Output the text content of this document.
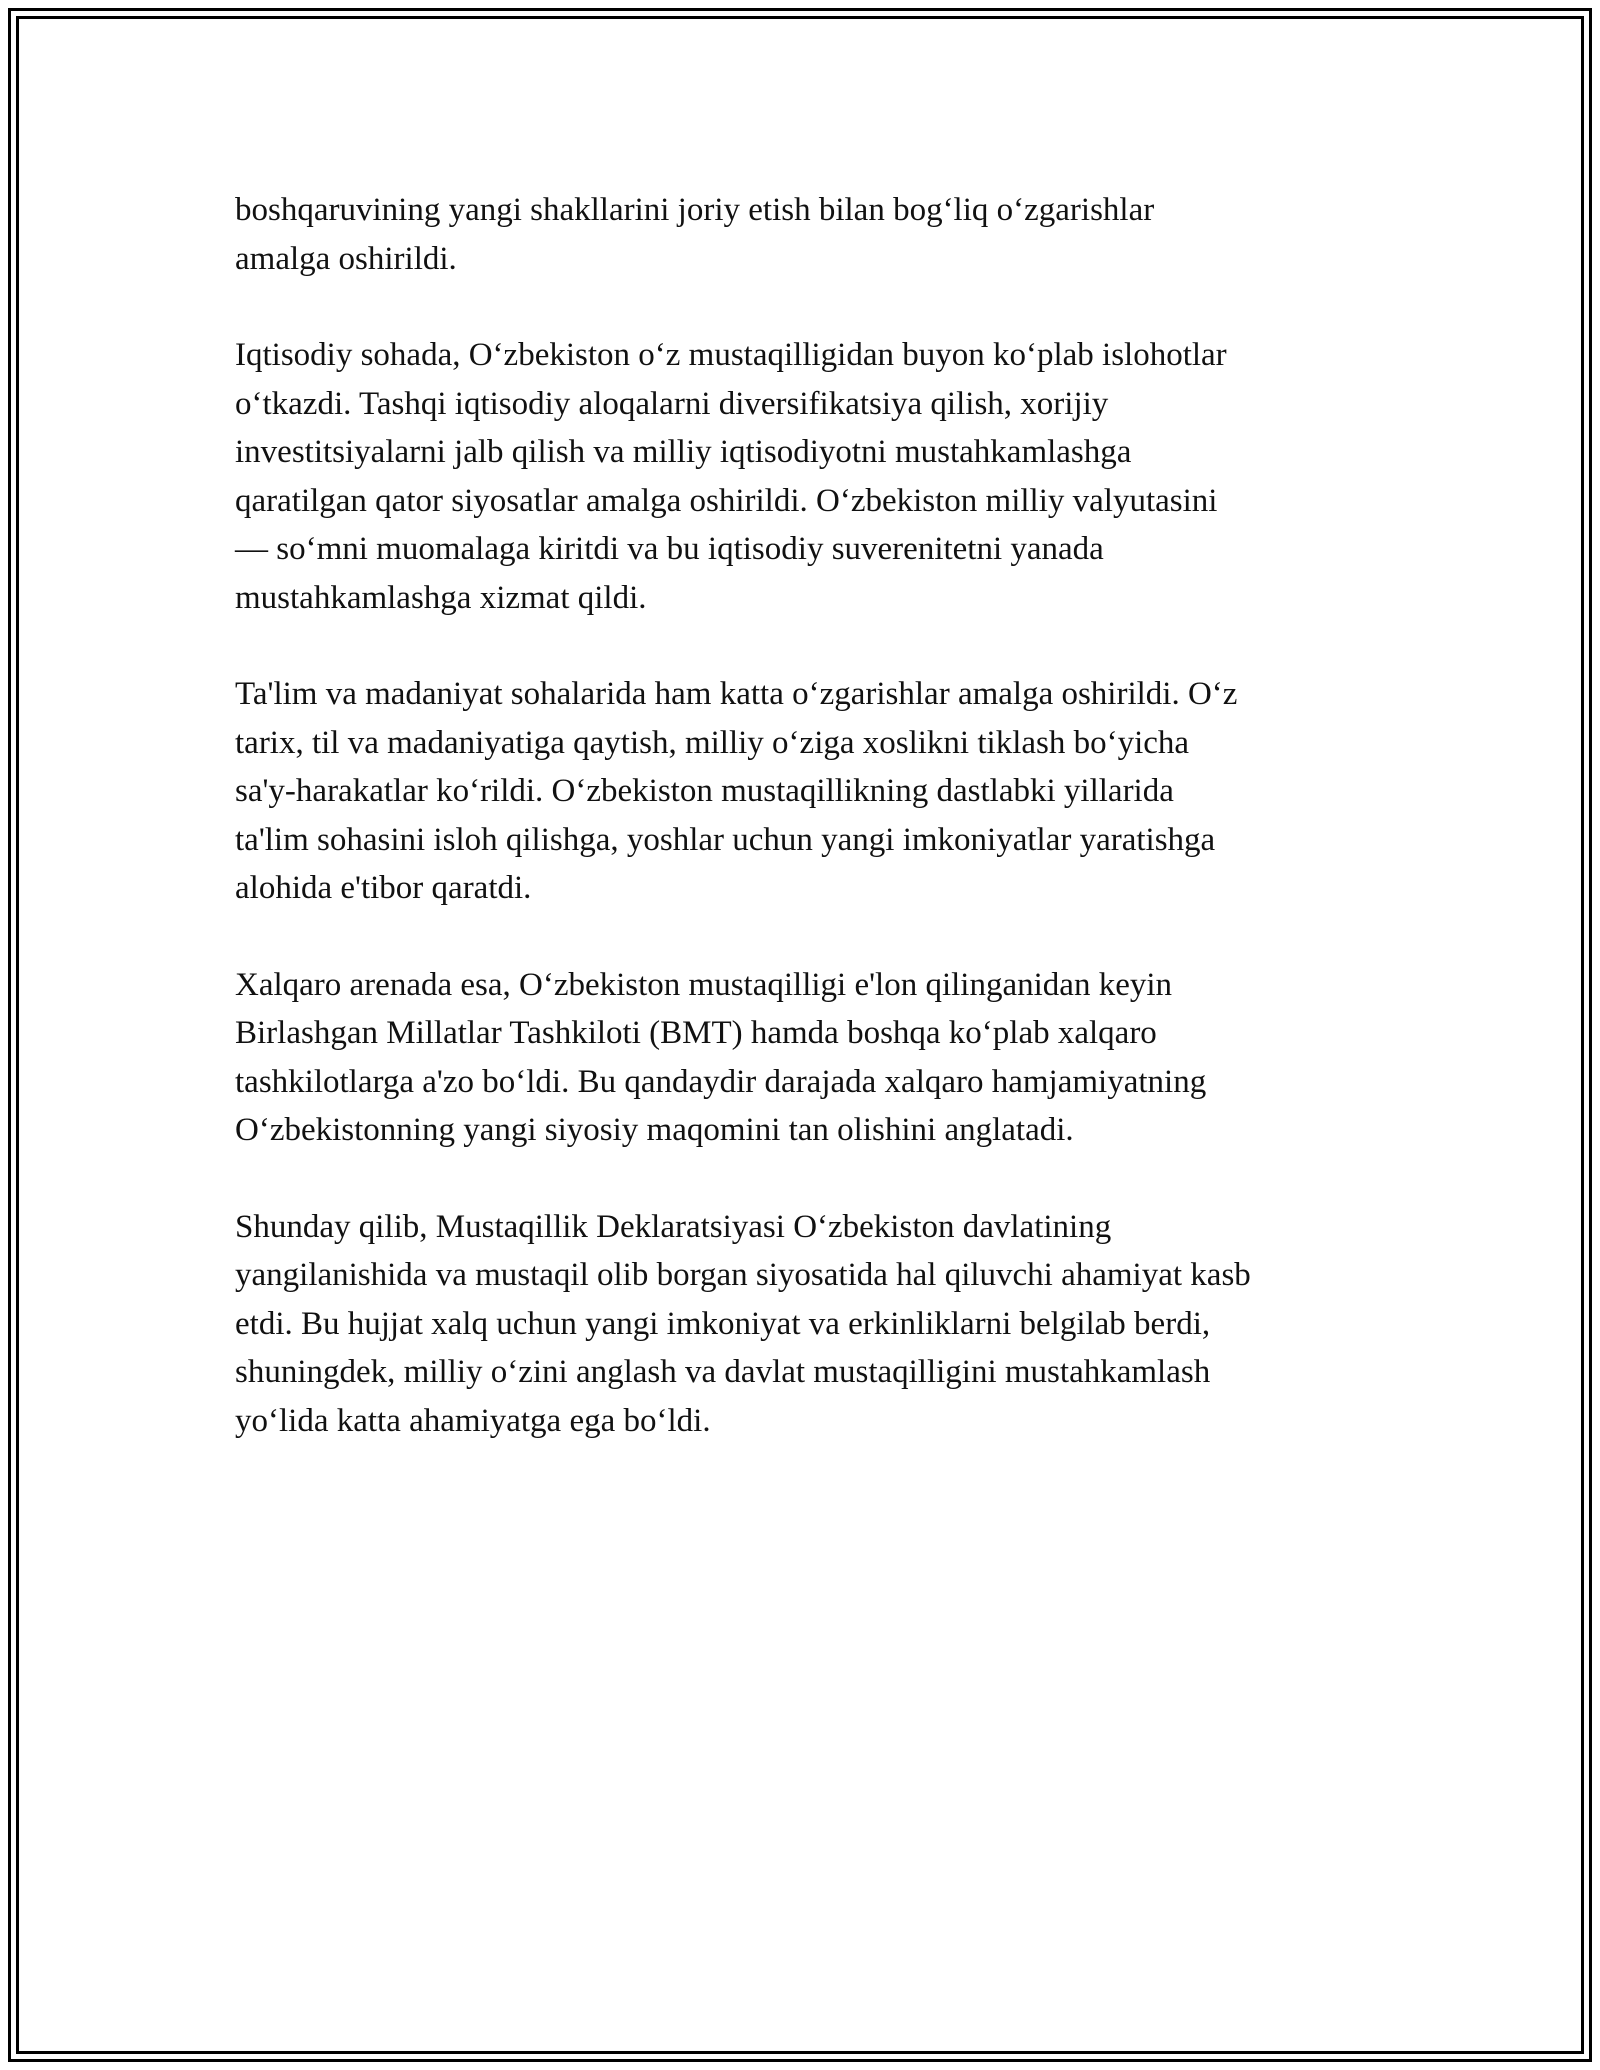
boshqaruvining yangi shakllarini joriy etish bilan bog‘liq o‘zgarishlar
amalga oshirildi.

Iqtisodiy sohada, O‘zbekiston o‘z mustaqilligidan buyon ko‘plab islohotlar
o‘tkazdi. Tashqi iqtisodiy aloqalarni diversifikatsiya qilish, xorijiy
investitsiyalarni jalb qilish va milliy iqtisodiyotni mustahkamlashga
qaratilgan qator siyosatlar amalga oshirildi. O‘zbekiston milliy valyutasini
— so‘mni muomalaga kiritdi va bu iqtisodiy suverenitetni yanada
mustahkamlashga xizmat qildi.

Ta'lim va madaniyat sohalarida ham katta o‘zgarishlar amalga oshirildi. O‘z
tarix, til va madaniyatiga qaytish, milliy o‘ziga xoslikni tiklash bo‘yicha
sa'y-harakatlar ko‘rildi. O‘zbekiston mustaqillikning dastlabki yillarida
ta'lim sohasini isloh qilishga, yoshlar uchun yangi imkoniyatlar yaratishga
alohida e'tibor qaratdi.

Xalqaro arenada esa, O‘zbekiston mustaqilligi e'lon qilinganidan keyin
Birlashgan Millatlar Tashkiloti (BMT) hamda boshqa ko‘plab xalqaro
tashkilotlarga a'zo bo‘ldi. Bu qandaydir darajada xalqaro hamjamiyatning
O‘zbekistonning yangi siyosiy maqomini tan olishini anglatadi.

Shunday qilib, Mustaqillik Deklaratsiyasi O‘zbekiston davlatining
yangilanishida va mustaqil olib borgan siyosatida hal qiluvchi ahamiyat kasb
etdi. Bu hujjat xalq uchun yangi imkoniyat va erkinliklarni belgilab berdi,
shuningdek, milliy o‘zini anglash va davlat mustaqilligini mustahkamlash
yo‘lida katta ahamiyatga ega bo‘ldi.
